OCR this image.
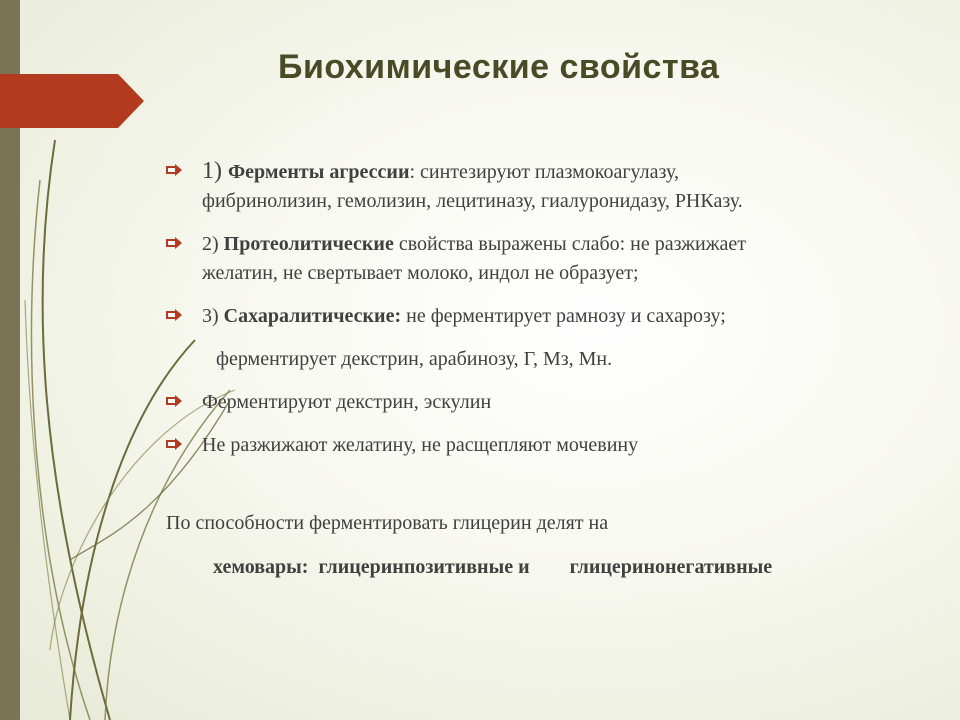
Биохимические свойства
1) Ферменты агрессии: синтезируют плазмокоагулазу,
фибринолизин, гемолизин, лецитиназу, гиалуронидазу, РНКазу.
2) Протеолитические свойства выражены слабо: не разжижает
желатин, не свертывает молоко, индол не образует;
3) Сахаралитические: не ферментирует рамнозу и сахарозу;
ферментирует декстрин, арабинозу, Г, Мз, Мн.
Ферментируют декстрин, эскулин
Не разжижают желатину, не расщепляют мочевину
По способности ферментировать глицерин делят на
хемовары:  глицеринпозитивные и        глицеринонегативные
